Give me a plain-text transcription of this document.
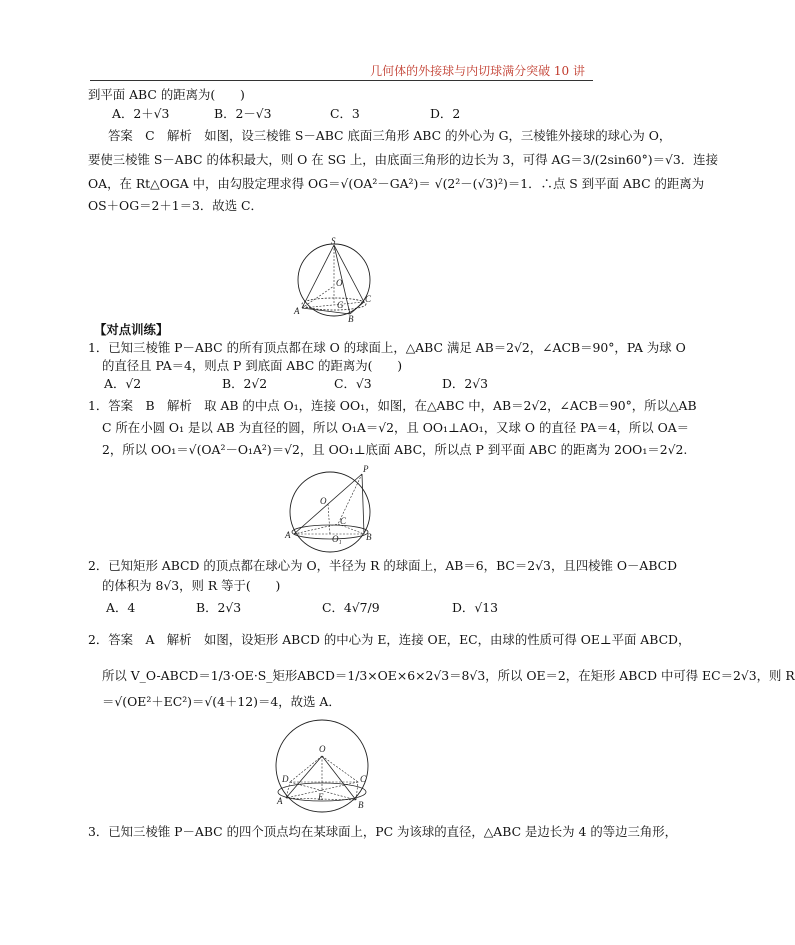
几何体的外接球与内切球满分突破 10 讲
到平面 ABC 的距离为(　　)
A．2＋√3	B．2－√3	C．3	D．2
答案　C　解析　如图，设三棱锥 S－ABC 底面三角形 ABC 的外心为 G，三棱锥外接球的球心为 O，
要使三棱锥 S－ABC 的体积最大，则 O 在 SG 上，由底面三角形的边长为 3，可得 AG＝3/(2sin60°)＝√3．连接
OA，在 Rt△OGA 中，由勾股定理求得 OG＝√(OA²－GA²)＝ √(2²－(√3)²)＝1．∴点 S 到平面 ABC 的距离为
OS＋OG＝2＋1＝3．故选 C．
S
O
A
G
B
C
【对点训练】
1．已知三棱锥 P－ABC 的所有顶点都在球 O 的球面上，△ABC 满足 AB＝2√2，∠ACB＝90°，PA 为球 O
的直径且 PA＝4，则点 P 到底面 ABC 的距离为(　　)
A．√2	B．2√2	C．√3	D．2√3
1．答案　B　解析　取 AB 的中点 O₁，连接 OO₁，如图，在△ABC 中，AB＝2√2，∠ACB＝90°，所以△AB
C 所在小圆 O₁ 是以 AB 为直径的圆，所以 O₁A＝√2，且 OO₁⊥AO₁，又球 O 的直径 PA＝4，所以 OA＝
2，所以 OO₁＝√(OA²－O₁A²)＝√2，且 OO₁⊥底面 ABC，所以点 P 到平面 ABC 的距离为 2OO₁＝2√2.
P
O
C
A	O₁	B
2．已知矩形 ABCD 的顶点都在球心为 O，半径为 R 的球面上，AB＝6，BC＝2√3，且四棱锥 O－ABCD
的体积为 8√3，则 R 等于(　　)
A．4	B．2√3	C．4√7/9	D．√13
2．答案　A　解析　如图，设矩形 ABCD 的中心为 E，连接 OE，EC，由球的性质可得 OE⊥平面 ABCD，
所以 V_O-ABCD＝1/3·OE·S_矩形ABCD＝1/3×OE×6×2√3＝8√3，所以 OE＝2，在矩形 ABCD 中可得 EC＝2√3，则 R
＝√(OE²＋EC²)＝√(4＋12)＝4，故选 A．
O
D	C
E
A	B
3．已知三棱锥 P－ABC 的四个顶点均在某球面上，PC 为该球的直径，△ABC 是边长为 4 的等边三角形，
